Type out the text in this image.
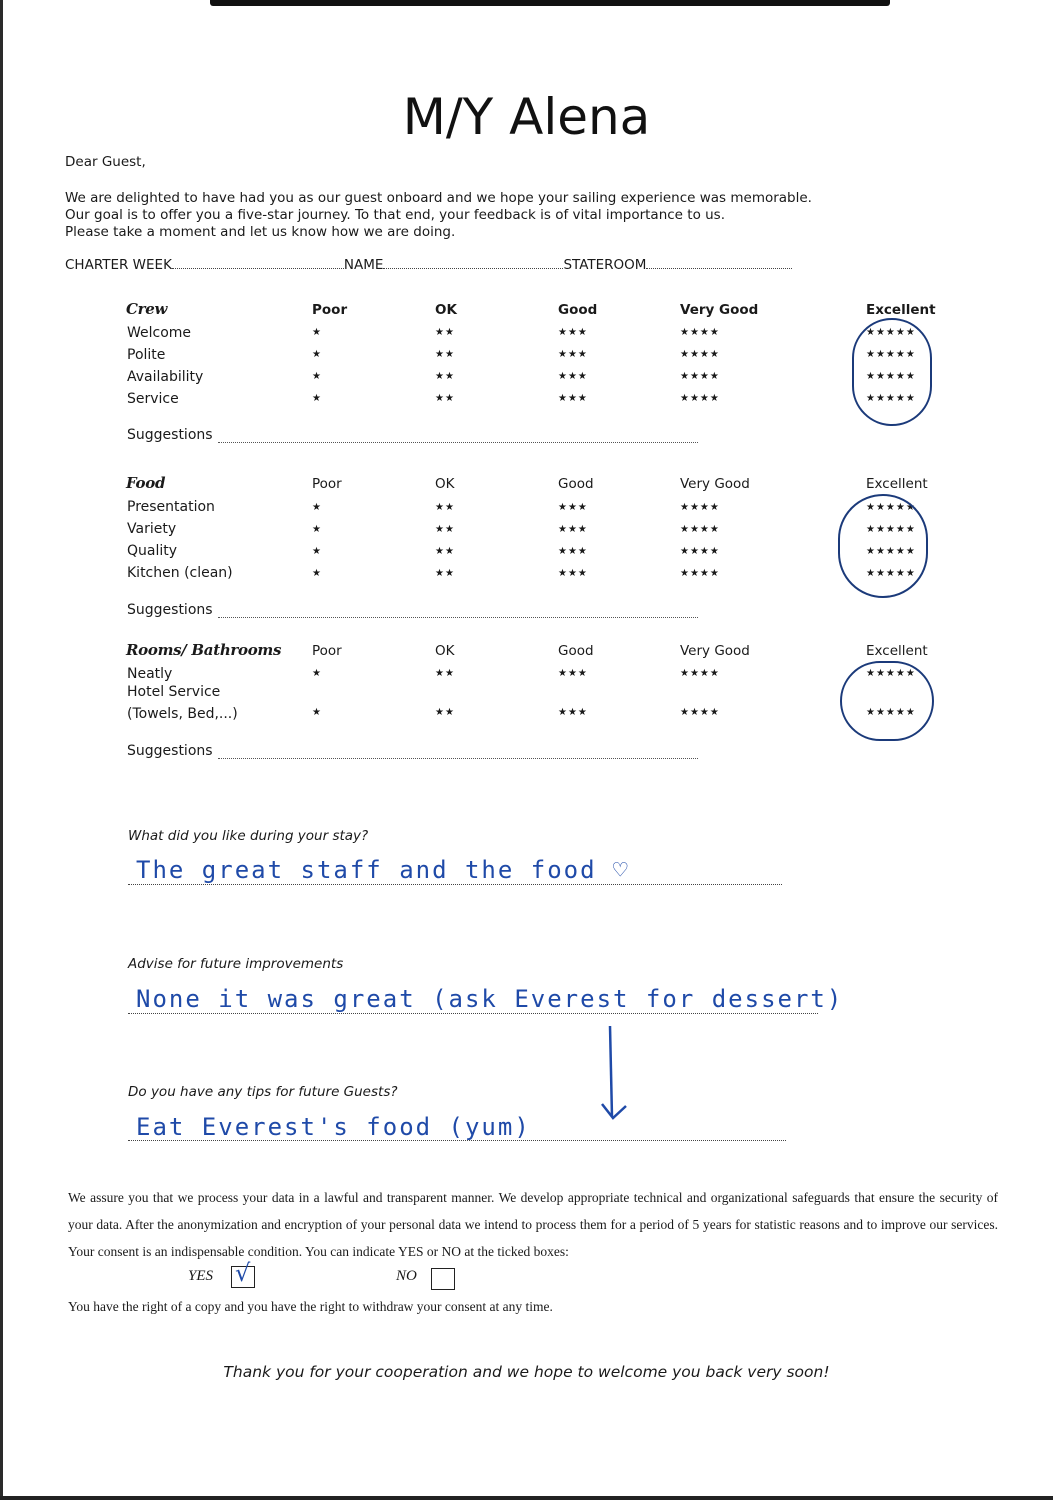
M/Y Alena
Dear Guest,
We are delighted to have had you as our guest onboard and we hope your sailing experience was memorable.
Our goal is to offer you a five-star journey. To that end, your feedback is of vital importance to us.
Please take a moment and let us know how we are doing.
CHARTER WEEK	NAME	STATEROOM
Crew	Poor	OK	Good	Very Good	Excellent
Welcome	★	★★	★★★	★★★★	★★★★★
Polite	★	★★	★★★	★★★★	★★★★★
Availability	★	★★	★★★	★★★★	★★★★★
Service	★	★★	★★★	★★★★	★★★★★
Suggestions
Food	Poor	OK	Good	Very Good	Excellent
Presentation	★	★★	★★★	★★★★	★★★★★
Variety	★	★★	★★★	★★★★	★★★★★
Quality	★	★★	★★★	★★★★	★★★★★
Kitchen (clean)	★	★★	★★★	★★★★	★★★★★
Suggestions
Rooms/ Bathrooms Poor	OK	Good	Very Good	Excellent
Neatly	★	★★	★★★	★★★★	★★★★★
Hotel Service
(Towels, Bed,...)	★	★★	★★★	★★★★	★★★★★
Suggestions
What did you like during your stay?
The great staff and the food ♡
Advise for future improvements
None it was great (ask Everest for dessert)
Do you have any tips for future Guests?
Eat Everest's food (yum)
We assure you that we process your data in a lawful and transparent manner. We develop appropriate technical and organizational safeguards that ensure the security of your data. After the anonymization and encryption of your personal data we intend to process them for a period of 5 years for statistic reasons and to improve our services. Your consent is an indispensable condition. You can indicate YES or NO at the ticked boxes:
YES √	NO
You have the right of a copy and you have the right to withdraw your consent at any time.
Thank you for your cooperation and we hope to welcome you back very soon!
